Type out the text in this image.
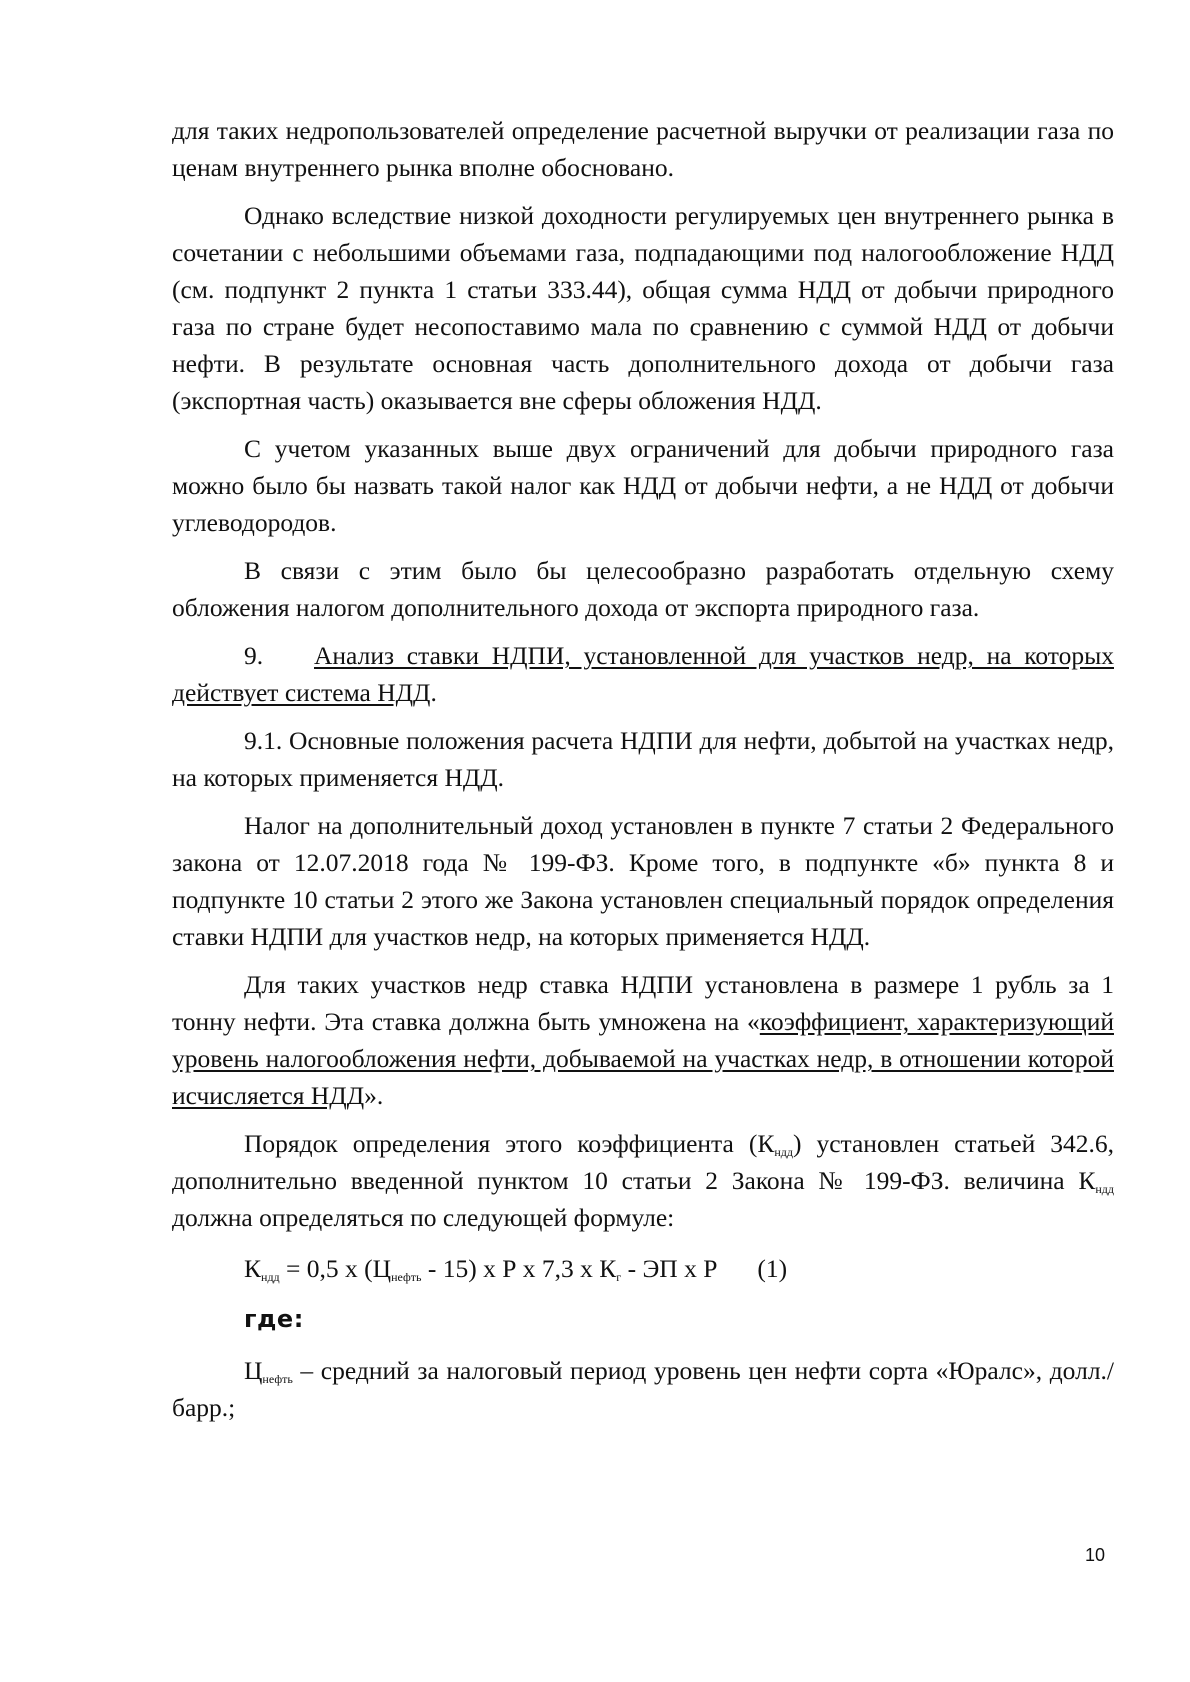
для таких недропользователей определение расчетной выручки от реализации газа по ценам внутреннего рынка вполне обосновано.

Однако вследствие низкой доходности регулируемых цен внутреннего рынка в сочетании с небольшими объемами газа, подпадающими под налогообложение НДД (см. подпункт 2 пункта 1 статьи 333.44), общая сумма НДД от добычи природного газа по стране будет несопоставимо мала по сравнению с суммой НДД от добычи нефти. В результате основная часть дополнительного дохода от добычи газа (экспортная часть) оказывается вне сферы обложения НДД.

С учетом указанных выше двух ограничений для добычи природного газа можно было бы назвать такой налог как НДД от добычи нефти, а не НДД от добычи углеводородов.

В связи с этим было бы целесообразно разработать отдельную схему обложения налогом дополнительного дохода от экспорта природного газа.

9. Анализ ставки НДПИ, установленной для участков недр, на которых действует система НДД.

9.1. Основные положения расчета НДПИ для нефти, добытой на участках недр, на которых применяется НДД.

Налог на дополнительный доход установлен в пункте 7 статьи 2 Федерального закона от 12.07.2018 года № 199-ФЗ. Кроме того, в подпункте «б» пункта 8 и подпункте 10 статьи 2 этого же Закона установлен специальный порядок определения ставки НДПИ для участков недр, на которых применяется НДД.

Для таких участков недр ставка НДПИ установлена в размере 1 рубль за 1 тонну нефти. Эта ставка должна быть умножена на «коэффициент, характеризующий уровень налогообложения нефти, добываемой на участках недр, в отношении которой исчисляется НДД».

Порядок определения этого коэффициента $(К_{ндд})$ установлен статьей 342.6, дополнительно введенной пунктом 10 статьи 2 Закона № 199-ФЗ. величина $К_{ндд}$ должна определяться по следующей формуле:

$К_{ндд} = 0,5$ х $(Ц_{нефть} - 15)$ х Р х 7,3 х $К_г$ - ЭП х Р (1)
где:

$Ц_{нефть}$ – средний за налоговый период уровень цен нефти сорта «Юралс», долл./барр.;

10
